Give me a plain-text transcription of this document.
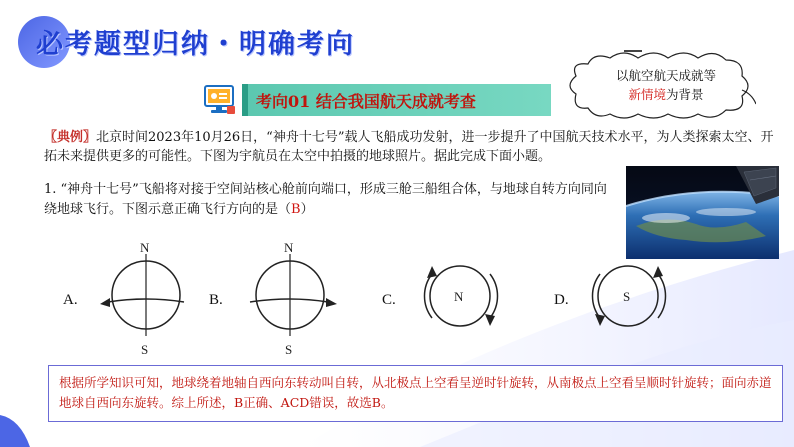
必考题型归纳・明确考向
考向01 结合我国航天成就考查
以航空航天成就等
新情境为背景
〖典例〗北京时间2023年10月26日，“神舟十七号”载人飞船成功发射，进一步提升了中国航天技术水平，为人类探索太空、开拓未来提供更多的可能性。下图为宇航员在太空中拍摄的地球照片。据此完成下面小题。
1. “神舟十七号”飞船将对接于空间站核心舱前向端口，形成三舱三船组合体，与地球自转方向同向绕地球飞行。下图示意正确飞行方向的是（B）
A.
N
S
B.
N
S
C.	N	D.	S
根据所学知识可知，地球绕着地轴自西向东转动叫自转，从北极点上空看呈逆时针旋转，从南极点上空看呈顺时针旋转；面向赤道地球自西向东旋转。综上所述，B正确、ACD错误，故选B。
